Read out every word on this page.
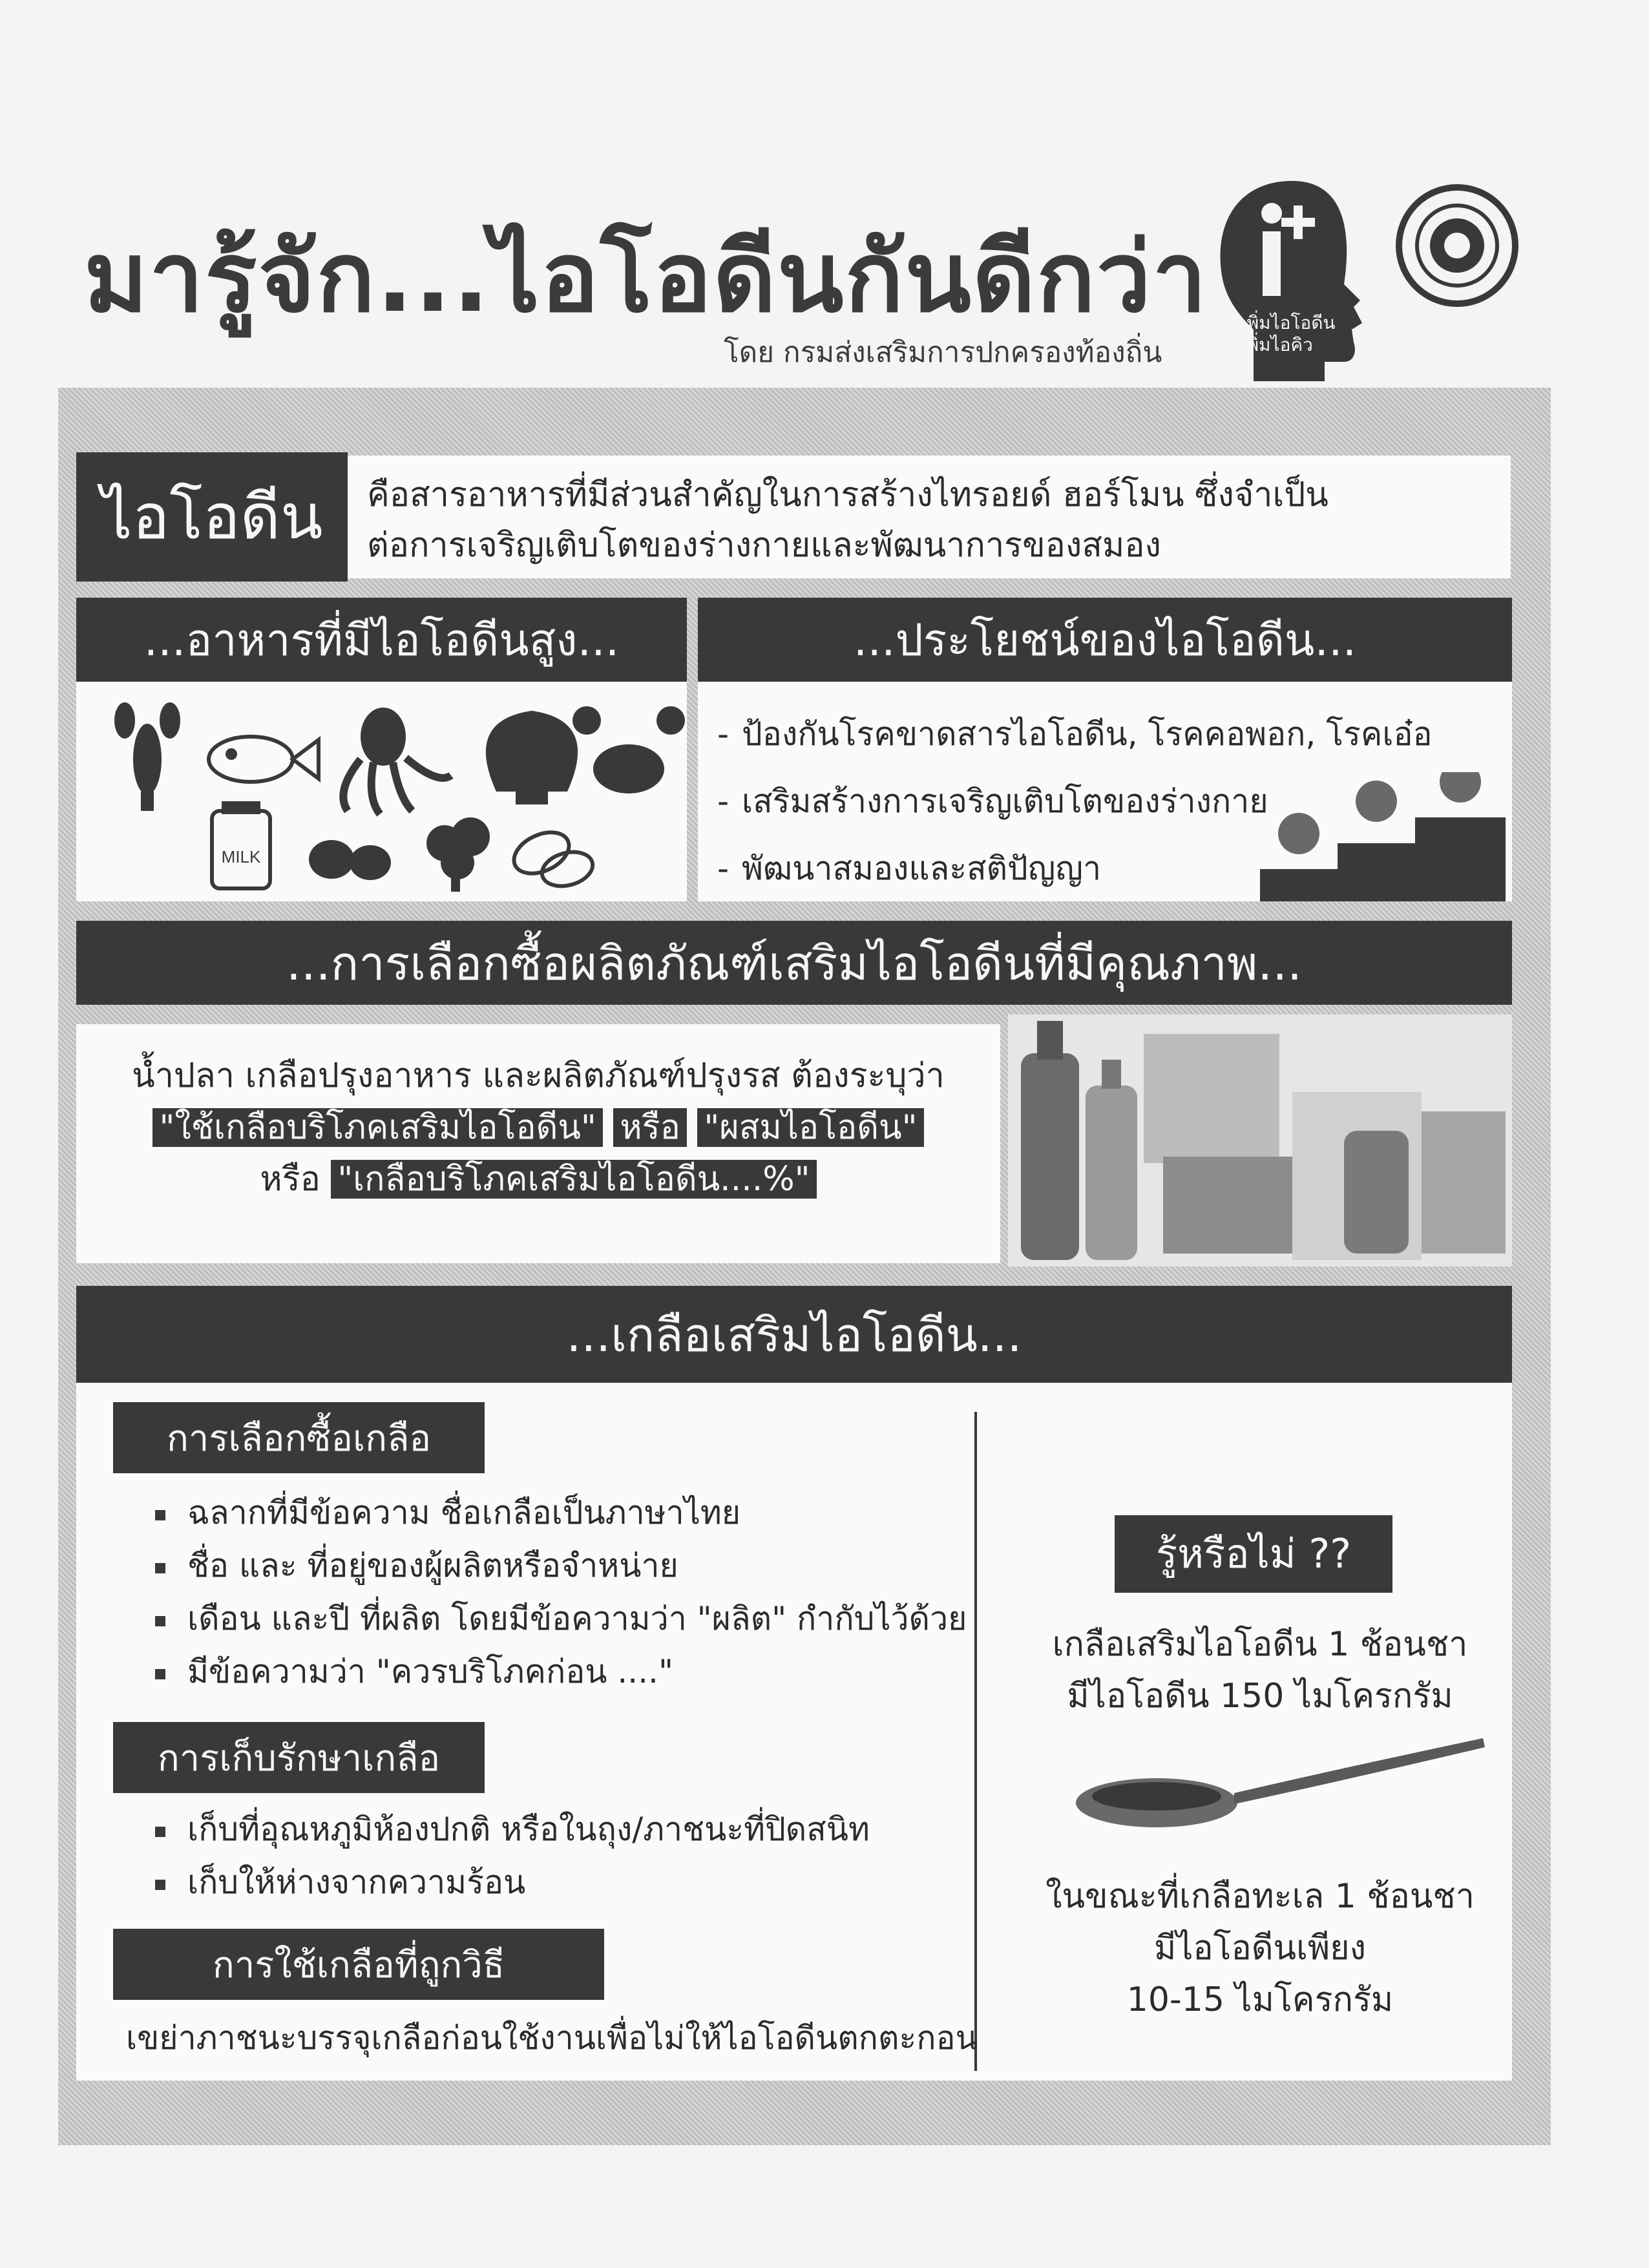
มารู้จัก...ไอโอดีนกันดีกว่า
โดย กรมส่งเสริมการปกครองท้องถิ่น
เพิ่มไอโอดีน
เพิ่มไอคิว
ไอโอดีน	คือสารอาหารที่มีส่วนสำคัญในการสร้างไทรอยด์ ฮอร์โมน ซึ่งจำเป็น
ต่อการเจริญเติบโตของร่างกายและพัฒนาการของสมอง
...อาหารที่มีไอโอดีนสูง...
MILK
...ประโยชน์ของไอโอดีน...
- ป้องกันโรคขาดสารไอโอดีน, โรคคอพอก, โรคเอ๋อ
- เสริมสร้างการเจริญเติบโตของร่างกาย
- พัฒนาสมองและสติปัญญา
...การเลือกซื้อผลิตภัณฑ์เสริมไอโอดีนที่มีคุณภาพ...
น้ำปลา เกลือปรุงอาหาร และผลิตภัณฑ์ปรุงรส ต้องระบุว่า
"ใช้เกลือบริโภคเสริมไอโอดีน" หรือ "ผสมไอโอดีน"
หรือ "เกลือบริโภคเสริมไอโอดีน....%"
...เกลือเสริมไอโอดีน...
การเลือกซื้อเกลือ
ฉลากที่มีข้อความ ชื่อเกลือเป็นภาษาไทย
ชื่อ และ ที่อยู่ของผู้ผลิตหรือจำหน่าย
เดือน และปี ที่ผลิต โดยมีข้อความว่า "ผลิต" กำกับไว้ด้วย
มีข้อความว่า "ควรบริโภคก่อน ...."
การเก็บรักษาเกลือ
เก็บที่อุณหภูมิห้องปกติ หรือในถุง/ภาชนะที่ปิดสนิท
เก็บให้ห่างจากความร้อน
การใช้เกลือที่ถูกวิธี
เขย่าภาชนะบรรจุเกลือก่อนใช้งานเพื่อไม่ให้ไอโอดีนตกตะกอน
รู้หรือไม่ ??
เกลือเสริมไอโอดีน 1 ช้อนชา
มีไอโอดีน 150 ไมโครกรัม
ในขณะที่เกลือทะเล 1 ช้อนชา
มีไอโอดีนเพียง
10-15 ไมโครกรัม
